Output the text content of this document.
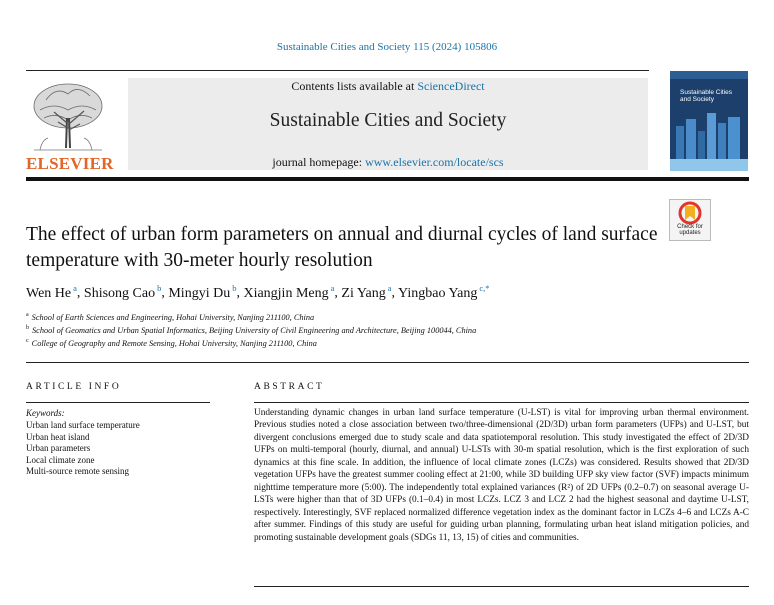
Sustainable Cities and Society 115 (2024) 105806
ELSEVIER
Contents lists available at ScienceDirect
Sustainable Cities and Society
journal homepage: www.elsevier.com/locate/scs
Sustainable Cities and Society
Check for updates
The effect of urban form parameters on annual and diurnal cycles of land surface temperature with 30-meter hourly resolution
Wen He $^a$, Shisong Cao $^b$, Mingyi Du $^b$, Xiangjin Meng $^a$, Zi Yang $^a$, Yingbao Yang $^{c,*}$
$^a$ School of Earth Sciences and Engineering, Hohai University, Nanjing 211100, China
$^b$ School of Geomatics and Urban Spatial Informatics, Beijing University of Civil Engineering and Architecture, Beijing 100044, China
$^c$ College of Geography and Remote Sensing, Hohai University, Nanjing 211100, China
ARTICLE INFO
Keywords:
Urban land surface temperature
Urban heat island
Urban parameters
Local climate zone
Multi-source remote sensing
ABSTRACT
Understanding dynamic changes in urban land surface temperature (U-LST) is vital for improving urban thermal environment. Previous studies noted a close association between two/three-dimensional (2D/3D) urban form parameters (UFPs) and U-LST, but divergent conclusions emerged due to study scale and data spatiotemporal resolution. This study investigated the effect of 2D/3D UFPs on multi-temporal (hourly, diurnal, and annual) U-LSTs with 30-m spatial resolution, which is the first exploration of such dynamics at this fine scale. In addition, the influence of local climate zones (LCZs) was considered. Results showed that 2D/3D vegetation UFPs have the greatest summer cooling effect at 21:00, while 3D building UFP sky view factor (SVF) impacts minimum nighttime temperature more (5:00). The independently total explained variances (R²) of 2D UFPs (0.2–0.7) on seasonal average U-LSTs were higher than that of 3D UFPs (0.1–0.4) in most LCZs. LCZ 3 and LCZ 2 had the highest seasonal and daytime U-LST, respectively. Interestingly, SVF replaced normalized difference vegetation index as the dominant factor in LCZs 4–6 and LCZs A-C after summer. Findings of this study are useful for guiding urban planning, formulating urban heat island mitigation policies, and promoting sustainable development goals (SDGs 11, 13, 15) of cities and communities.
